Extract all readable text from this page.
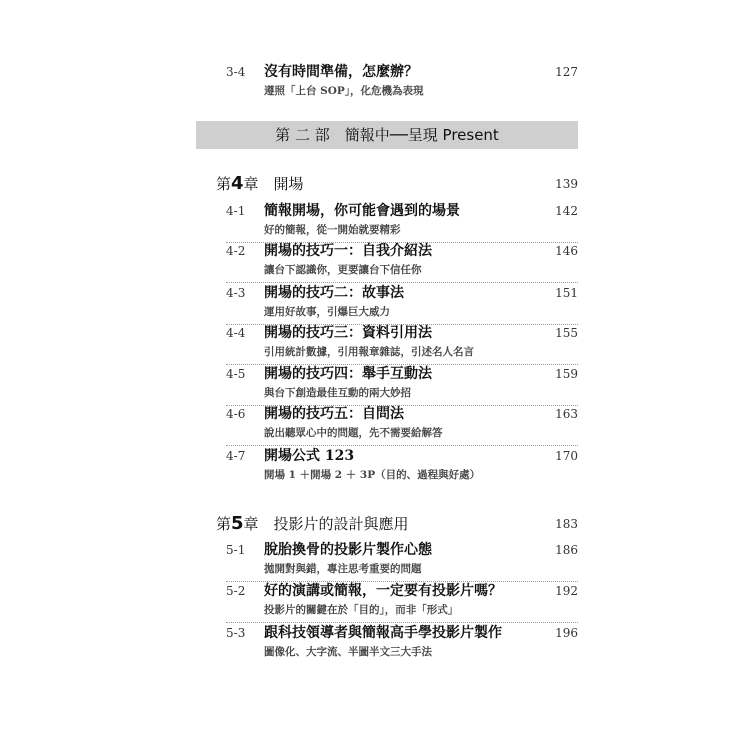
3-4 沒有時間準備，怎麼辦？	127
遵照「上台 SOP」，化危機為表現
第 二 部　簡報中──呈現 Present
第4章　開場	139
4-1 簡報開場，你可能會遇到的場景	142
好的簡報，從一開始就要精彩
4-2 開場的技巧一：自我介紹法	146
讓台下認識你，更要讓台下信任你
4-3 開場的技巧二：故事法	151
運用好故事，引爆巨大威力
4-4 開場的技巧三：資料引用法	155
引用統計數據，引用報章雜誌，引述名人名言
4-5 開場的技巧四：舉手互動法	159
與台下創造最佳互動的兩大妙招
4-6 開場的技巧五：自問法	163
說出聽眾心中的問題，先不需要給解答
4-7 開場公式 123	170
開場 1 ＋開場 2 ＋ 3P（目的、過程與好處）
第5章　投影片的設計與應用	183
5-1 脫胎換骨的投影片製作心態	186
拋開對與錯，專注思考重要的問題
5-2 好的演講或簡報，一定要有投影片嗎？	192
投影片的關鍵在於「目的」，而非「形式」
5-3 跟科技領導者與簡報高手學投影片製作	196
圖像化、大字流、半圖半文三大手法
